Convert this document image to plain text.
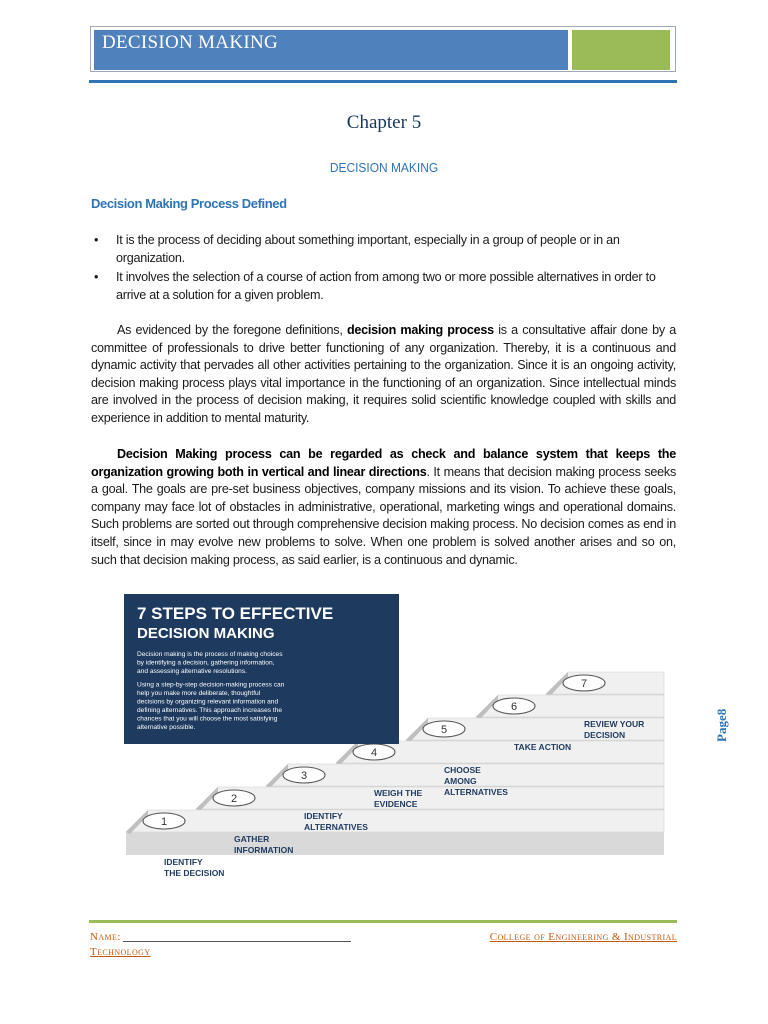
DECISION MAKING
Chapter 5
DECISION MAKING
Decision Making Process Defined
• It is the process of deciding about something important, especially in a group of people or in an organization.
• It involves the selection of a course of action from among two or more possible alternatives in order to arrive at a solution for a given problem.

As evidenced by the foregone definitions, decision making process is a consultative affair done by a committee of professionals to drive better functioning of any organization. Thereby, it is a continuous and dynamic activity that pervades all other activities pertaining to the organization. Since it is an ongoing activity, decision making process plays vital importance in the functioning of an organization. Since intellectual minds are involved in the process of decision making, it requires solid scientific knowledge coupled with skills and experience in addition to mental maturity.

Decision Making process can be regarded as check and balance system that keeps the organization growing both in vertical and linear directions. It means that decision making process seeks a goal. The goals are pre-set business objectives, company missions and its vision. To achieve these goals, company may face lot of obstacles in administrative, operational, marketing wings and operational domains. Such problems are sorted out through comprehensive decision making process. No decision comes as end in itself, since in may evolve new problems to solve. When one problem is solved another arises and so on, such that decision making process, as said earlier, is a continuous and dynamic.

7
6
5
4
3
2
1
7 STEPS TO EFFECTIVE
DECISION MAKING
Decision making is the process of making choices
by identifying a decision, gathering information,
and assessing alternative resolutions.
Using a step-by-step decision-making process can
help you make more deliberate, thoughtful
decisions by organizing relevant information and
defining alternatives. This approach increases the
chances that you will choose the most satisfying
alternative possible.	REVIEW YOUR
DECISION
TAKE ACTION
CHOOSE
AMONG
ALTERNATIVES
WEIGH THE
EVIDENCE
IDENTIFY
ALTERNATIVES
GATHER
INFORMATION
IDENTIFY
THE DECISION
Page8
Name:	College of Engineering & Industrial
Technology
